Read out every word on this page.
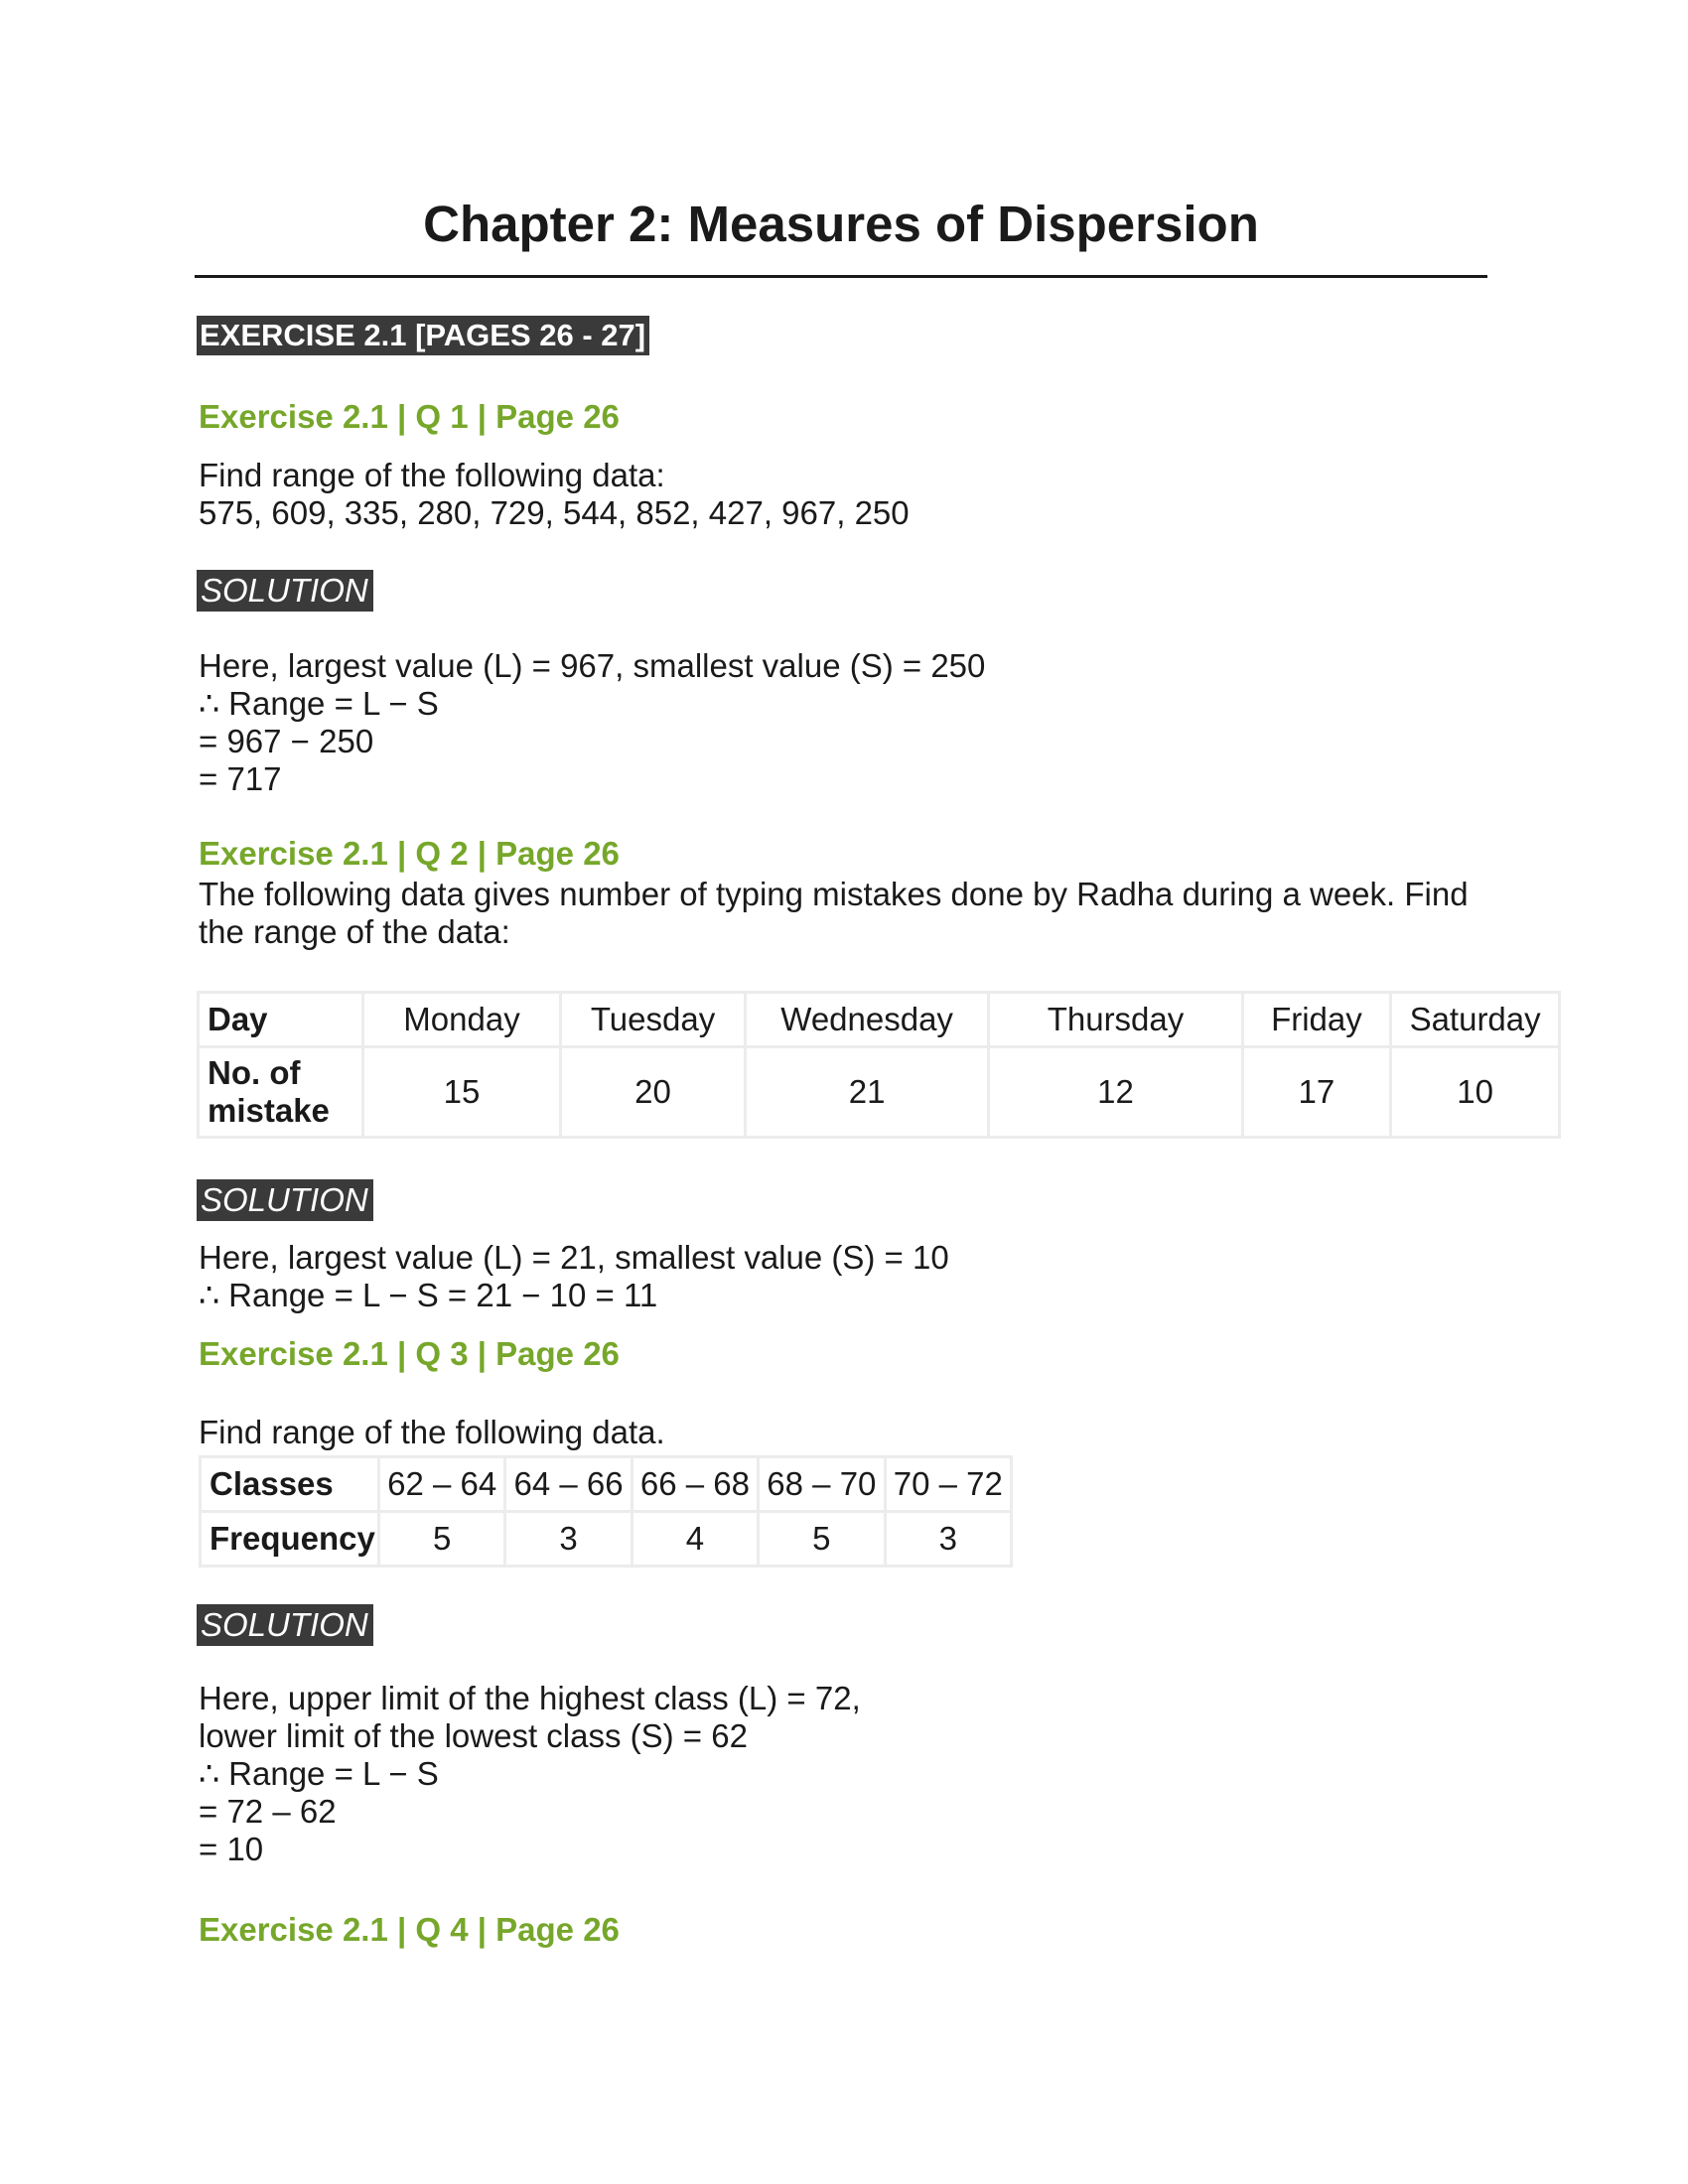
Chapter 2: Measures of Dispersion
EXERCISE 2.1 [PAGES 26 - 27]
Exercise 2.1 | Q 1 | Page 26
Find range of the following data:
575, 609, 335, 280, 729, 544, 852, 427, 967, 250
SOLUTION
Here, largest value (L) = 967, smallest value (S) = 250
∴ Range = L − S
= 967 − 250
= 717
Exercise 2.1 | Q 2 | Page 26
The following data gives number of typing mistakes done by Radha during a week. Find
the range of the data:
Day	Monday	Tuesday	Wednesday	Thursday	Friday	Saturday

No. of
mistake	15	20	21	12	17	10
SOLUTION
Here, largest value (L) = 21, smallest value (S) = 10
∴ Range = L − S = 21 − 10 = 11
Exercise 2.1 | Q 3 | Page 26
Find range of the following data.
Classes	62 – 64	64 – 66	66 – 68	68 – 70	70 – 72
Frequency	5	3	4	5	3
SOLUTION
Here, upper limit of the highest class (L) = 72,
lower limit of the lowest class (S) = 62
∴ Range = L − S
= 72 – 62
= 10
Exercise 2.1 | Q 4 | Page 26
